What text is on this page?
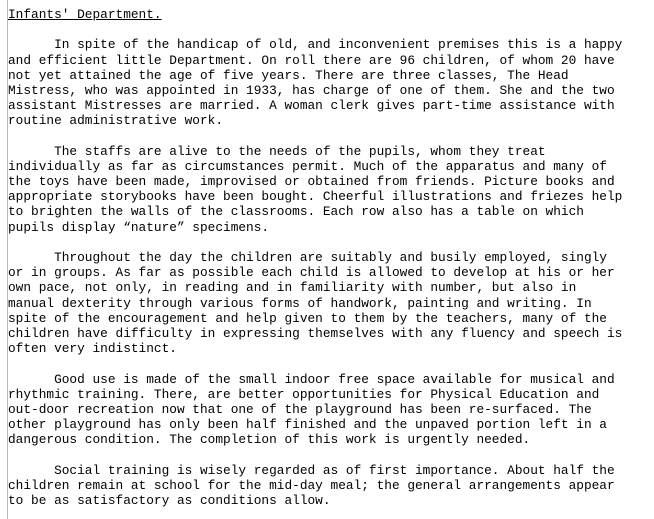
Infants' Department.
In spite of the handicap of old, and inconvenient premises this is a happy
and efficient little Department. On roll there are 96 children, of whom 20 have
not yet attained the age of five years. There are three classes, The Head
Mistress, who was appointed in 1933, has charge of one of them. She and the two
assistant Mistresses are married. A woman clerk gives part-time assistance with
routine administrative work.
The staffs are alive to the needs of the pupils, whom they treat
individually as far as circumstances permit. Much of the apparatus and many of
the toys have been made, improvised or obtained from friends. Picture books and
appropriate storybooks have been bought. Cheerful illustrations and friezes help
to brighten the walls of the classrooms. Each row also has a table on which
pupils display “nature” specimens.
Throughout the day the children are suitably and busily employed, singly
or in groups. As far as possible each child is allowed to develop at his or her
own pace, not only, in reading and in familiarity with number, but also in
manual dexterity through various forms of handwork, painting and writing. In
spite of the encouragement and help given to them by the teachers, many of the
children have difficulty in expressing themselves with any fluency and speech is
often very indistinct.
Good use is made of the small indoor free space available for musical and
rhythmic training. There, are better opportunities for Physical Education and
out-door recreation now that one of the playground has been re-surfaced. The
other playground has only been half finished and the unpaved portion left in a
dangerous condition. The completion of this work is urgently needed.
Social training is wisely regarded as of first importance. About half the
children remain at school for the mid-day meal; the general arrangements appear
to be as satisfactory as conditions allow.
